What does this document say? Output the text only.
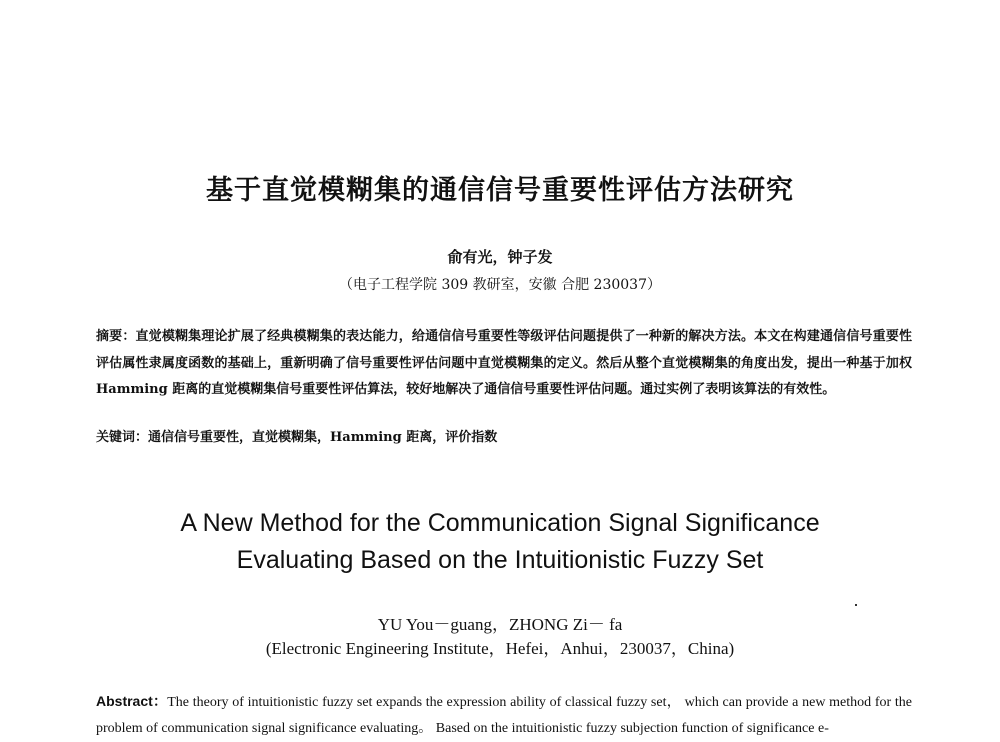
基于直觉模糊集的通信信号重要性评估方法研究
俞有光，钟子发
（电子工程学院 309 教研室，安徽 合肥 230037）
摘要：直觉模糊集理论扩展了经典模糊集的表达能力，给通信信号重要性等级评估问题提供了一种新的解决方法。本文在构建通信信号重要性评估属性隶属度函数的基础上，重新明确了信号重要性评估问题中直觉模糊集的定义。然后从整个直觉模糊集的角度出发，提出一种基于加权 Hamming 距离的直觉模糊集信号重要性评估算法，较好地解决了通信信号重要性评估问题。通过实例了表明该算法的有效性。
关键词：通信信号重要性，直觉模糊集，Hamming 距离，评价指数
A New Method for the Communication Signal Significance
Evaluating Based on the Intuitionistic Fuzzy Set
YU You－guang，ZHONG Zi－ fa
(Electronic Engineering Institute，Hefei，Anhui，230037，China)
Abstract：The theory of intuitionistic fuzzy set expands the expression ability of classical fuzzy set， which can provide a new method for the problem of communication signal significance evaluating。 Based on the intuitionistic fuzzy subjection function of significance e-
